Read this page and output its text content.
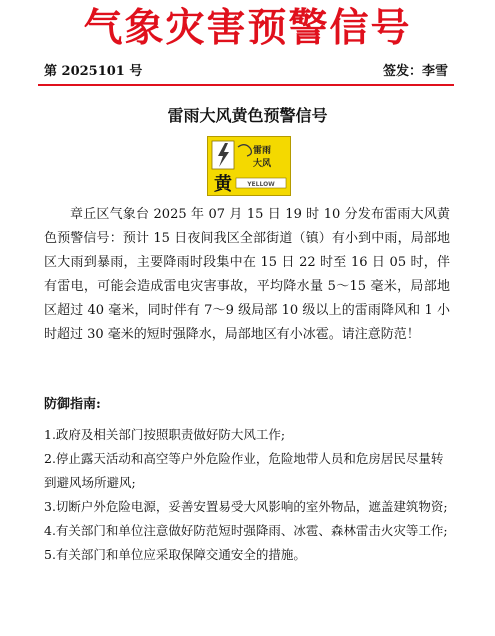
气象灾害预警信号
第 2025101 号	签发：李雪
雷雨大风黄色预警信号
雷雨
大风
黄	YELLOW
章丘区气象台 2025 年 07 月 15 日 19 时 10 分发布雷雨大风黄色预警信号：预计 15 日夜间我区全部街道（镇）有小到中雨，局部地区大雨到暴雨，主要降雨时段集中在 15 日 22 时至 16 日 05 时，伴有雷电，可能会造成雷电灾害事故，平均降水量 5～15 毫米，局部地区超过 40 毫米，同时伴有 7～9 级局部 10 级以上的雷雨降风和 1 小时超过 30 毫米的短时强降水，局部地区有小冰雹。请注意防范！
防御指南:
1.政府及相关部门按照职责做好防大风工作;
2.停止露天活动和高空等户外危险作业，危险地带人员和危房居民尽量转到避风场所避风;
3.切断户外危险电源，妥善安置易受大风影响的室外物品，遮盖建筑物资;
4.有关部门和单位注意做好防范短时强降雨、冰雹、森林雷击火灾等工作;
5.有关部门和单位应采取保障交通安全的措施。
